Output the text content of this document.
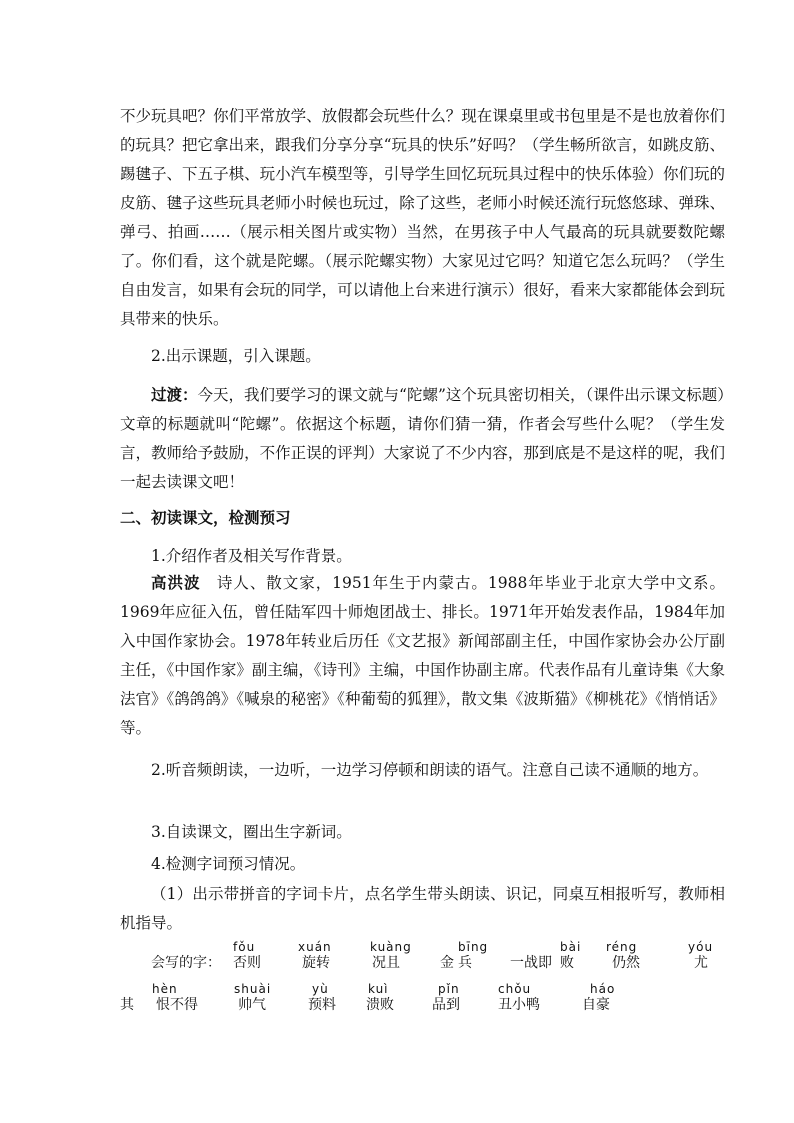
不少玩具吧？你们平常放学、放假都会玩些什么？现在课桌里或书包里是不是也放着你们的玩具？把它拿出来，跟我们分享分享“玩具的快乐”好吗？（学生畅所欲言，如跳皮筋、踢毽子、下五子棋、玩小汽车模型等，引导学生回忆玩玩具过程中的快乐体验）你们玩的皮筋、毽子这些玩具老师小时候也玩过，除了这些，老师小时候还流行玩悠悠球、弹珠、弹弓、拍画……（展示相关图片或实物）当然，在男孩子中人气最高的玩具就要数陀螺了。你们看，这个就是陀螺。（展示陀螺实物）大家见过它吗？知道它怎么玩吗？（学生自由发言，如果有会玩的同学，可以请他上台来进行演示）很好，看来大家都能体会到玩具带来的快乐。

2.出示课题，引入课题。

过渡：今天，我们要学习的课文就与“陀螺”这个玩具密切相关，（课件出示课文标题）文章的标题就叫“陀螺”。依据这个标题，请你们猜一猜，作者会写些什么呢？（学生发言，教师给予鼓励，不作正误的评判）大家说了不少内容，那到底是不是这样的呢，我们一起去读课文吧！

二、初读课文，检测预习

1.介绍作者及相关写作背景。

高洪波　诗人、散文家，1951年生于内蒙古。1988年毕业于北京大学中文系。1969年应征入伍，曾任陆军四十师炮团战士、排长。1971年开始发表作品，1984年加入中国作家协会。1978年转业后历任《文艺报》新闻部副主任，中国作家协会办公厅副主任，《中国作家》副主编，《诗刊》主编，中国作协副主席。代表作品有儿童诗集《大象法官》《鸽鸽鸽》《喊泉的秘密》《种葡萄的狐狸》，散文集《波斯猫》《柳桃花》《悄悄话》等。

2.听音频朗读，一边听，一边学习停顿和朗读的语气。注意自己读不通顺的地方。

3.自读课文，圈出生字新词。

4.检测字词预习情况。

（1）出示带拼音的字词卡片，点名学生带头朗读、识记，同桌互相报听写，教师相机指导。

会写的字：
fǒu
否则
xuán
旋转
kuàng
况且	金
bīng
兵	一战即
bài
败
réng
仍然
yóu
尤
其
hèn
恨不得
shuài
帅气
yù
预料
kuì
溃败
pǐn
品到
chǒu
丑小鸭
háo
自豪
